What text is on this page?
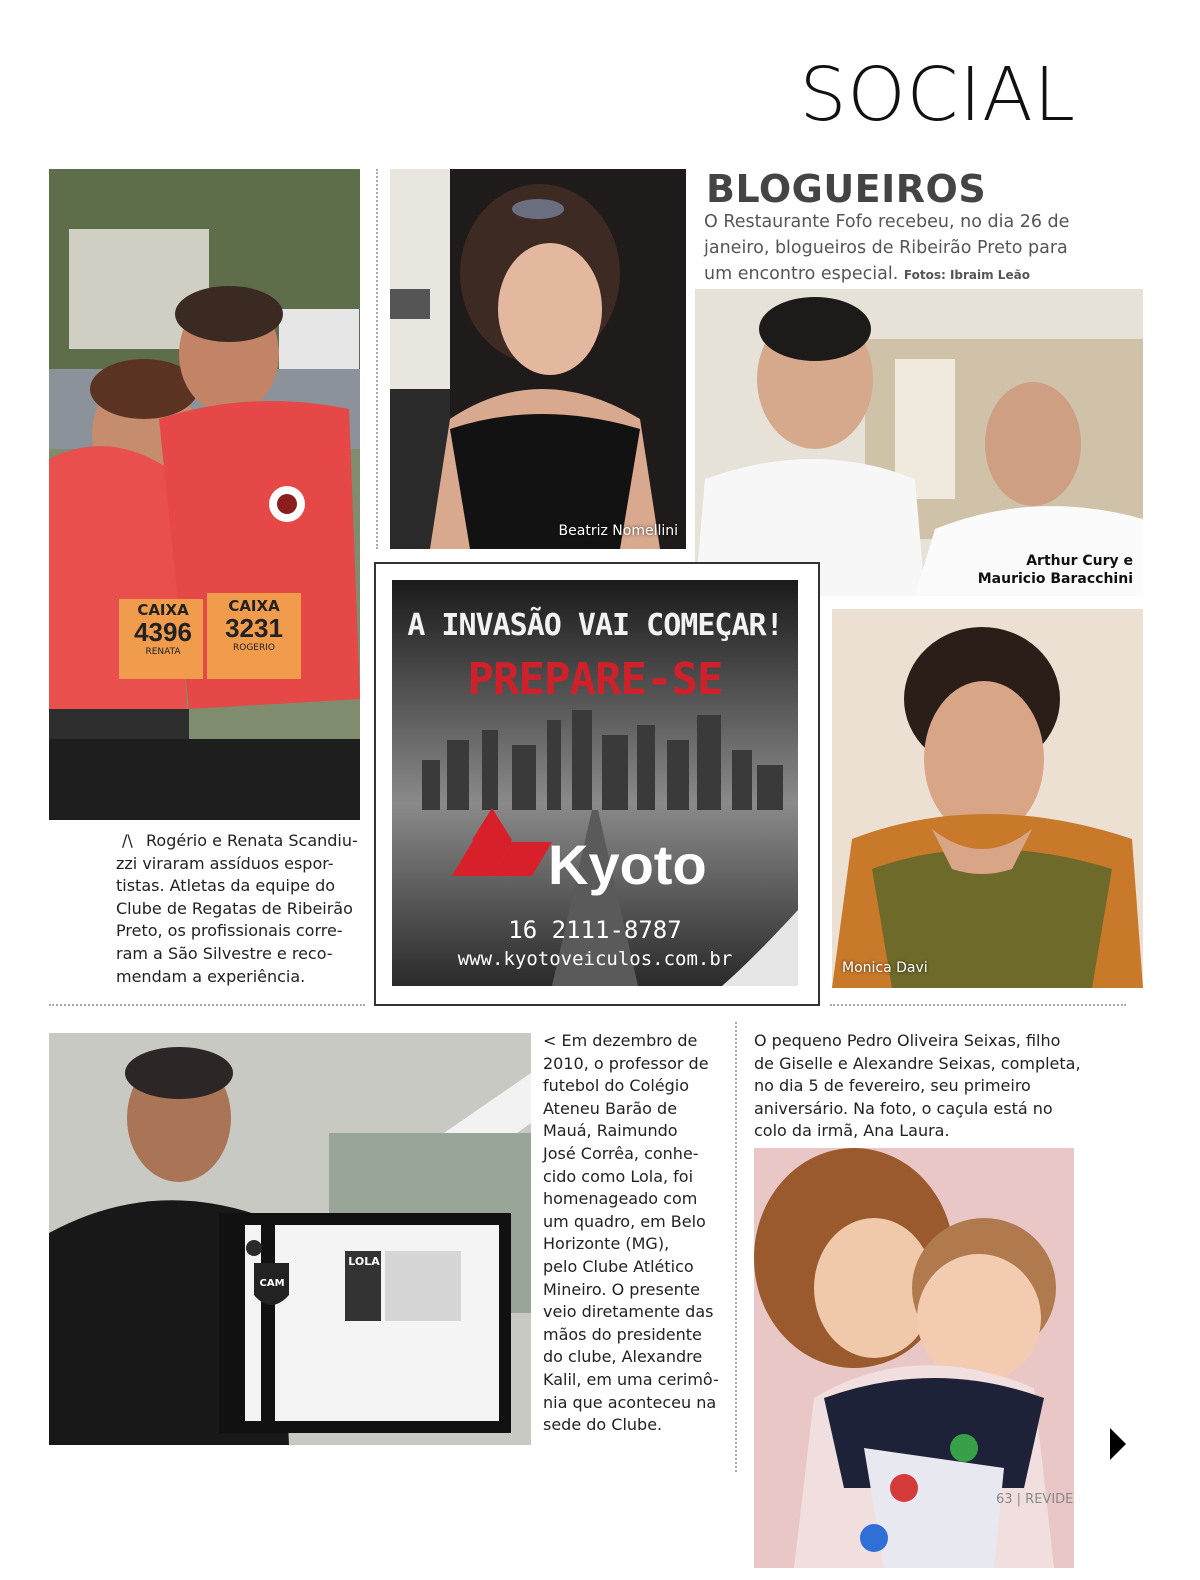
SOCIAL
CAIXA
4396
RENATA
CAIXA
3231
ROGERIO
/\ Rogério e Renata Scandiu-
zzi viraram assíduos espor-
tistas. Atletas da equipe do
Clube de Regatas de Ribeirão
Preto, os profissionais corre-
ram a São Silvestre e reco-
mendam a experiência.
Beatriz Nomellini
BLOGUEIROS
O Restaurante Fofo recebeu, no dia 26 de janeiro, blogueiros de Ribeirão Preto para um encontro especial. Fotos: Ibraim Leão
Arthur Cury e
Mauricio Baracchini
A INVASÃO VAI COMEÇAR!
PREPARE-SE
Kyoto
16 2111-8787
www.kyotoveiculos.com.br	Monica Davi
CAM
LOLA
< Em dezembro de
2010, o professor de
futebol do Colégio
Ateneu Barão de
Mauá, Raimundo
José Corrêa, conhe-
cido como Lola, foi
homenageado com
um quadro, em Belo
Horizonte (MG),
pelo Clube Atlético
Mineiro. O presente
veio diretamente das
mãos do presidente
do clube, Alexandre
Kalil, em uma cerimô-
nia que aconteceu na
sede do Clube.
O pequeno Pedro Oliveira Seixas, filho
de Giselle e Alexandre Seixas, completa,
no dia 5 de fevereiro, seu primeiro
aniversário. Na foto, o caçula está no
colo da irmã, Ana Laura.
63 | REVIDE
